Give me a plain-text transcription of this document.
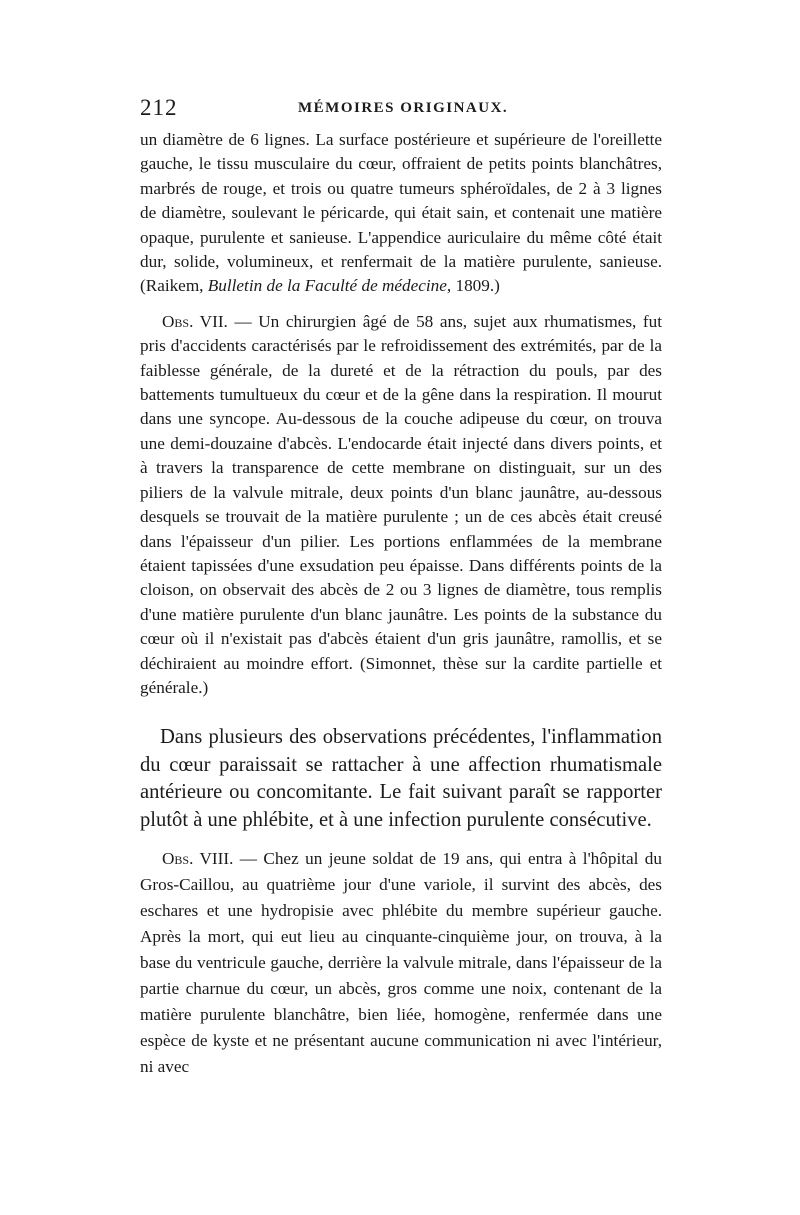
212	MÉMOIRES ORIGINAUX.

un diamètre de 6 lignes. La surface postérieure et supérieure de l'oreillette gauche, le tissu musculaire du cœur, offraient de petits points blanchâtres, marbrés de rouge, et trois ou quatre tumeurs sphéroïdales, de 2 à 3 lignes de diamètre, soulevant le péricarde, qui était sain, et contenait une matière opaque, purulente et sanieuse. L'appendice auriculaire du même côté était dur, solide, volumineux, et renfermait de la matière purulente, sanieuse. (Raikem, Bulletin de la Faculté de médecine, 1809.)

Obs. VII. — Un chirurgien âgé de 58 ans, sujet aux rhumatismes, fut pris d'accidents caractérisés par le refroidissement des extrémités, par de la faiblesse générale, de la dureté et de la rétraction du pouls, par des battements tumultueux du cœur et de la gêne dans la respiration. Il mourut dans une syncope. Au-dessous de la couche adipeuse du cœur, on trouva une demi-douzaine d'abcès. L'endocarde était injecté dans divers points, et à travers la transparence de cette membrane on distinguait, sur un des piliers de la valvule mitrale, deux points d'un blanc jaunâtre, au-dessous desquels se trouvait de la matière purulente ; un de ces abcès était creusé dans l'épaisseur d'un pilier. Les portions enflammées de la membrane étaient tapissées d'une exsudation peu épaisse. Dans différents points de la cloison, on observait des abcès de 2 ou 3 lignes de diamètre, tous remplis d'une matière purulente d'un blanc jaunâtre. Les points de la substance du cœur où il n'existait pas d'abcès étaient d'un gris jaunâtre, ramollis, et se déchiraient au moindre effort. (Simonnet, thèse sur la cardite partielle et générale.)

Dans plusieurs des observations précédentes, l'inflammation du cœur paraissait se rattacher à une affection rhumatismale antérieure ou concomitante. Le fait suivant paraît se rapporter plutôt à une phlébite, et à une infection purulente consécutive.

Obs. VIII. — Chez un jeune soldat de 19 ans, qui entra à l'hôpital du Gros-Caillou, au quatrième jour d'une variole, il survint des abcès, des eschares et une hydropisie avec phlébite du membre supérieur gauche. Après la mort, qui eut lieu au cinquante-cinquième jour, on trouva, à la base du ventricule gauche, derrière la valvule mitrale, dans l'épaisseur de la partie charnue du cœur, un abcès, gros comme une noix, contenant de la matière purulente blanchâtre, bien liée, homogène, renfermée dans une espèce de kyste et ne présentant aucune communication ni avec l'intérieur, ni avec
